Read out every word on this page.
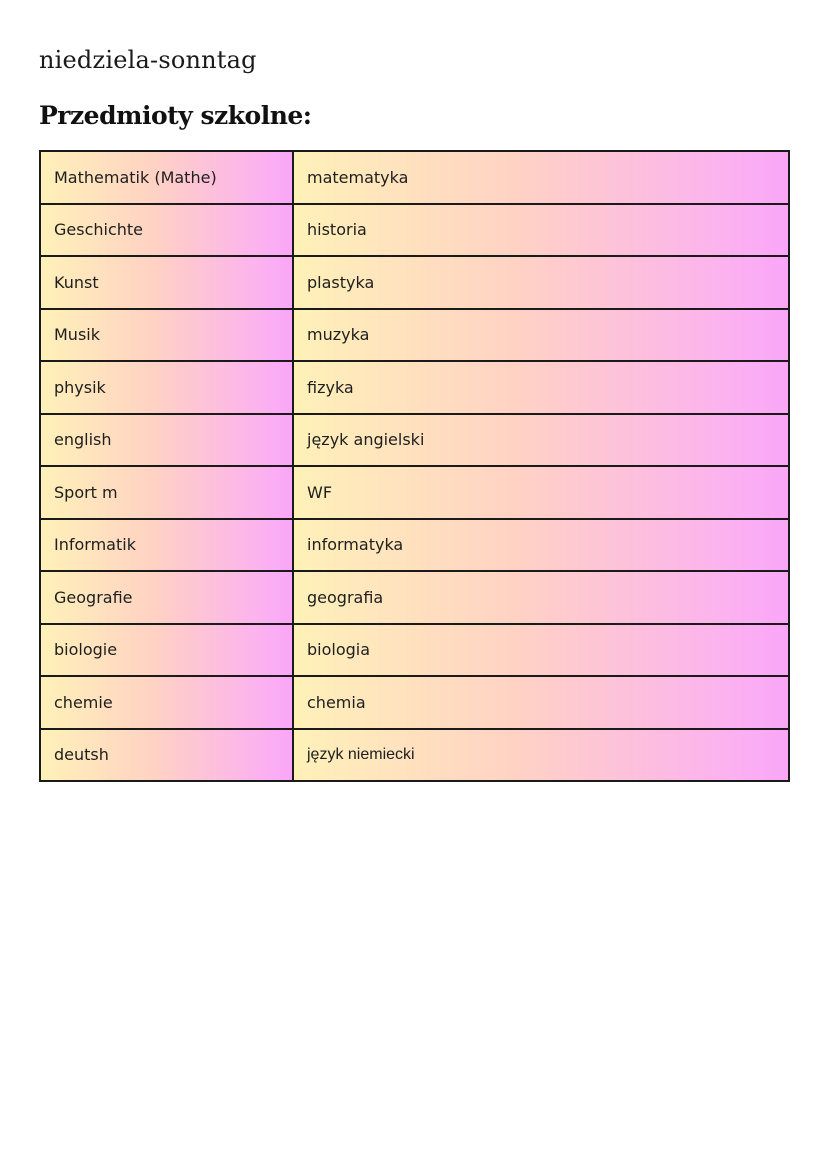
niedziela-sonntag
Przedmioty szkolne:
Mathematik (Mathe)	matematyka
Geschichte	historia
Kunst	plastyka
Musik	muzyka
physik	fizyka
english	język angielski
Sport m	WF
Informatik	informatyka
Geografie	geografia
biologie	biologia
chemie	chemia
deutsh	język niemiecki
